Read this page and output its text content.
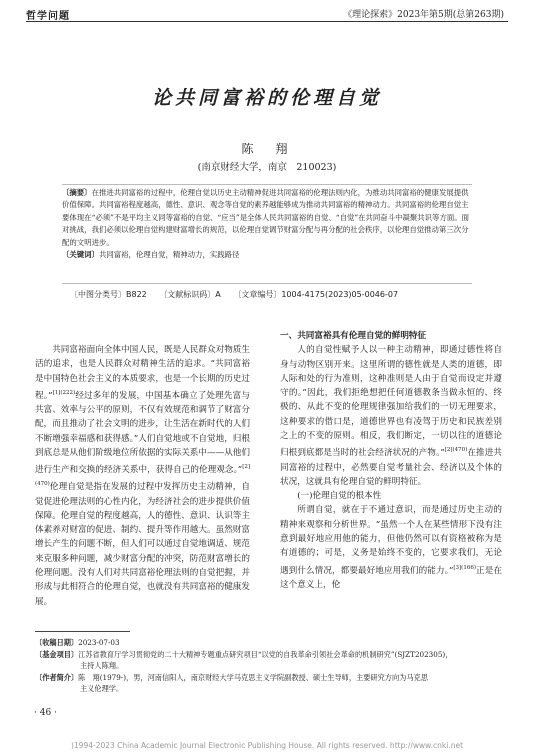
哲学问题	《理论探索》2023年第5期(总第263期)
论共同富裕的伦理自觉
陈　翔
(南京财经大学，南京　210023)
〔摘要〕在推进共同富裕的过程中，伦理自觉以历史主动精神促进共同富裕的伦理法则内化，为推动共同富裕的健康发展提供价值保障。共同富裕程度越高，德性、意识、观念等自觉的素养越能够成为推动共同富裕的精神动力。共同富裕的伦理自觉主要体现在“必须”不是平均主义同等富裕的自觉、“应当”是全体人民共同富裕的自觉、“自觉”在共同奋斗中凝聚共识等方面。面对挑战，我们必须以伦理自觉构建财富增长的规范，以伦理自觉调节财富分配与再分配的社会秩序，以伦理自觉推动第三次分配的文明进步。
〔关键词〕共同富裕，伦理自觉，精神动力，实践路径
〔中图分类号〕B822 〔文献标识码〕A 〔文章编号〕1004-4175(2023)05-0046-07

共同富裕面向全体中国人民，既是人民群众对物质生活的追求，也是人民群众对精神生活的追求。“共同富裕是中国特色社会主义的本质要求，也是一个长期的历史过程。”$^{[1](222)}$经过多年的发展，中国基本确立了处理先富与共富、效率与公平的原则，不仅有效规范和调节了财富分配，而且推动了社会文明的进步，让生活在新时代的人们不断增强幸福感和获得感。”人们自觉地或不自觉地，归根到底总是从他们阶级地位所依据的实际关系中——从他们进行生产和交换的经济关系中，获得自己的伦理观念。”$^{[2](470)}$伦理自觉是指在发展的过程中发挥历史主动精神，自觉促进伦理法则的心性内化，为经济社会的进步提供价值保障。伦理自觉的程度越高，人的德性、意识、认识等主体素养对财富的促进、制约、提升等作用越大。虽然财富增长产生的问题不断，但人们可以通过自觉地调适、规范来克服多种问题，减少财富分配的冲突，防范财富增长的伦理问题。没有人们对共同富裕伦理法则的自觉把握，并形成与此相符合的伦理自觉，也就没有共同富裕的健康发展。

一、共同富裕具有伦理自觉的鲜明特征

人的自觉性赋予人以一种主动精神，即通过德性将自身与动物区别开来。这里所谓的德性就是人类的道德，即人际和处的行为准则，这种准则是人由于自觉而设定并遵守的。”因此，我们拒绝想把任何道德教条当做永恒的、终极的、从此不变的伦理规律强加给我们的一切无理要求，这种要求的借口是，道德世界也有凌驾于历史和民族差别之上的不变的原则。相反，我们断定，一切以往的道德论归根到底都是当时的社会经济状况的产物。”$^{[2](470)}$在推进共同富裕的过程中，必然要自觉考量社会、经济以及个体的状况，这就具有伦理自觉的鲜明特征。

(一)伦理自觉的根本性

所谓自觉，就在于不通过意识，而是通过历史主动的精神来观察和分析世界。“虽然一个人在某些情形下没有注意到最好地应用他的能力，但他仍然可以有资格被称为是有道德的；可是，义务是始终不变的，它要求我们，无论遇到什么情况，都要最好地应用我们的能力。”$^{[3](166)}$正是在这个意义上，伦

〔收稿日期〕2023-07-03

〔基金项目〕江苏省教育厅学习贯彻党的二十大精神专题重点研究项目“以党的自我革命引领社会革命的机制研究”(SJZT202305)，

主持人陈翔。

〔作者简介〕陈　翔(1979-)，男，河南信阳人，南京财经大学马克思主义学院副教授、硕士生导师，主要研究方向为马克思

主义伦理学。

· 46 ·
)1994-2023 China Academic Journal Electronic Publishing House. All rights reserved. http://www.cnki.net
